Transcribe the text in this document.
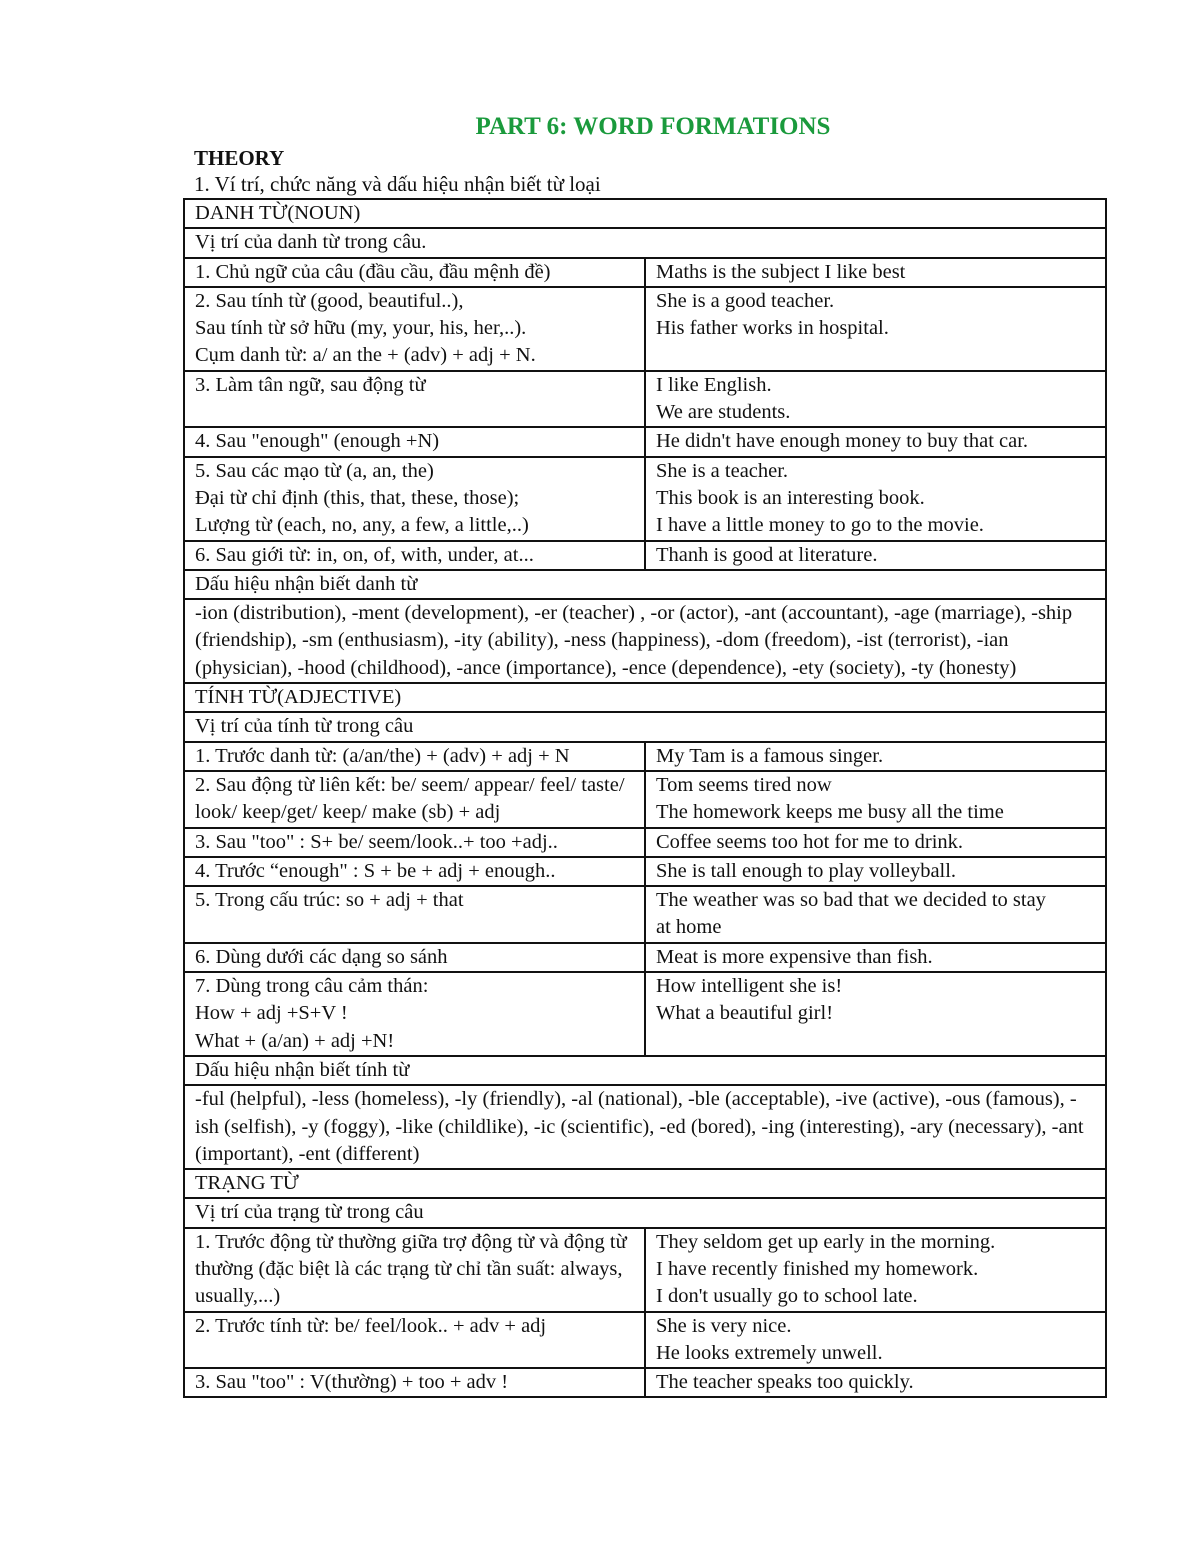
PART 6: WORD FORMATIONS
THEORY
1. Ví trí, chức năng và dấu hiệu nhận biết từ loại
DANH TỪ(NOUN)	
Vị trí của danh từ trong câu.	
1. Chủ ngữ của câu (đầu cầu, đầu mệnh đề)	Maths is the subject I like best
2. Sau tính từ (good, beautiful..),
Sau tính từ sở hữu (my, your, his, her,..).
Cụm danh từ: a/ an the + (adv) + adj + N.	She is a good teacher.
His father works in hospital.
3. Làm tân ngữ, sau động từ	I like English.
We are students.
4. Sau "enough" (enough +N)	He didn't have enough money to buy that car.
5. Sau các mạo từ (a, an, the)
Đại từ chỉ định (this, that, these, those);
Lượng từ (each, no, any, a few, a little,..)	She is a teacher.
This book is an interesting book.
I have a little money to go to the movie.
6. Sau giới từ: in, on, of, with, under, at...	Thanh is good at literature.
Dấu hiệu nhận biết danh từ	
-ion (distribution), -ment (development), -er (teacher) , -or (actor), -ant (accountant), -age (marriage), -ship (friendship), -sm (enthusiasm), -ity (ability), -ness (happiness), -dom (freedom), -ist (terrorist), -ian (physician), -hood (childhood), -ance (importance), -ence (dependence), -ety (society), -ty (honesty)	
TÍNH TỪ(ADJECTIVE)	
Vị trí của tính từ trong câu	
1. Trước danh từ: (a/an/the) + (adv) + adj + N	My Tam is a famous singer.
2. Sau động từ liên kết: be/ seem/ appear/ feel/ taste/ look/ keep/get/ keep/ make (sb) + adj	Tom seems tired now
The homework keeps me busy all the time
3. Sau "too" : S+ be/ seem/look..+ too +adj..	Coffee seems too hot for me to drink.
4. Trước “enough" : S + be + adj + enough..	She is tall enough to play volleyball.
5. Trong cấu trúc: so + adj + that	The weather was so bad that we decided to stay
at home
6. Dùng dưới các dạng so sánh	Meat is more expensive than fish.
7. Dùng trong câu cảm thán:
How + adj +S+V !
What + (a/an) + adj +N!	How intelligent she is!
What a beautiful girl!
Dấu hiệu nhận biết tính từ	
-ful (helpful), -less (homeless), -ly (friendly), -al (national), -ble (acceptable), -ive (active), -ous (famous), -ish (selfish), -y (foggy), -like (childlike), -ic (scientific), -ed (bored), -ing (interesting), -ary (necessary), -ant (important), -ent (different)	
TRẠNG TỪ	
Vị trí của trạng từ trong câu	
1. Trước động từ thường giữa trợ động từ và động từ thường (đặc biệt là các trạng từ chỉ tần suất: always, usually,...)	They seldom get up early in the morning.
I have recently finished my homework.
I don't usually go to school late.
2. Trước tính từ: be/ feel/look.. + adv + adj	She is very nice.
He looks extremely unwell.
3. Sau "too" : V(thường) + too + adv !	The teacher speaks too quickly.
